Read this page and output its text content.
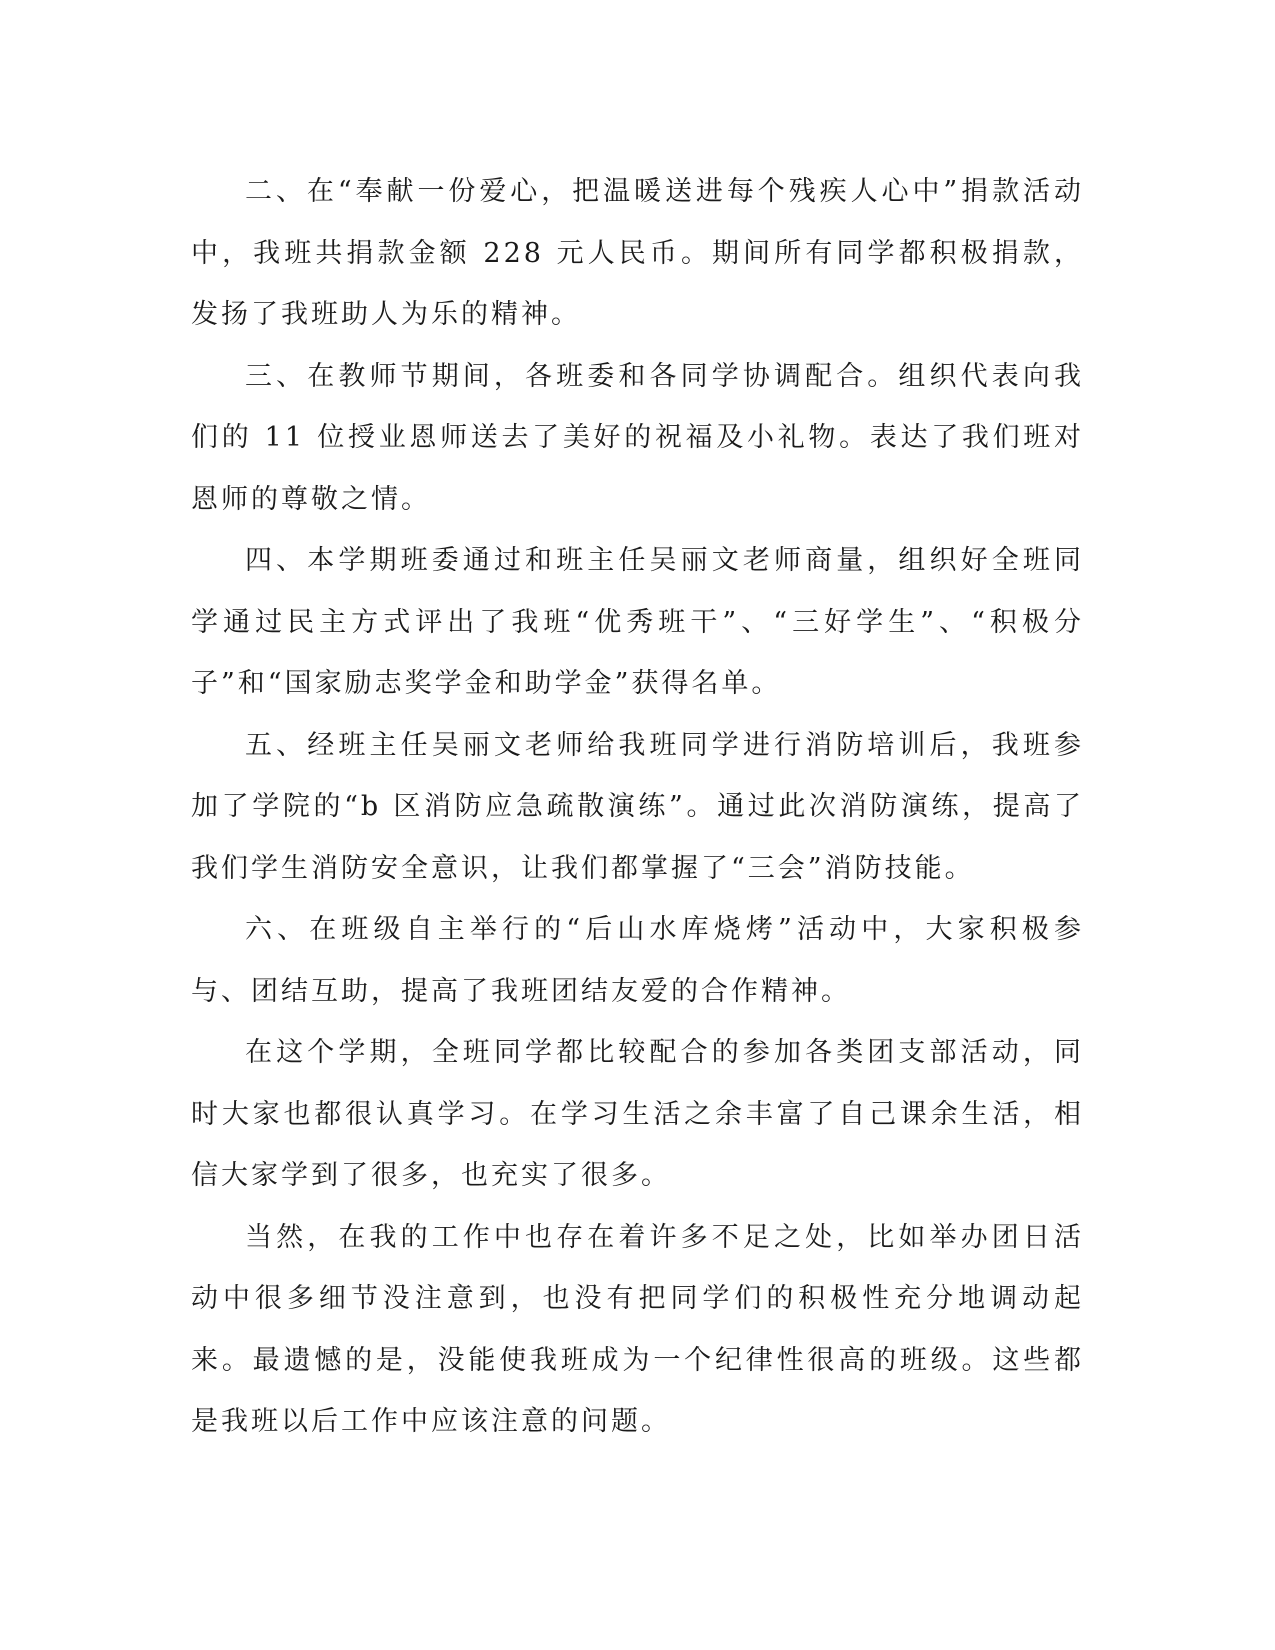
二、在“奉献一份爱心，把温暖送进每个残疾人心中”捐款活动中，我班共捐款金额 228 元人民币。期间所有同学都积极捐款，发扬了我班助人为乐的精神。

三、在教师节期间，各班委和各同学协调配合。组织代表向我们的 11 位授业恩师送去了美好的祝福及小礼物。表达了我们班对恩师的尊敬之情。

四、本学期班委通过和班主任吴丽文老师商量，组织好全班同学通过民主方式评出了我班“优秀班干”、“三好学生”、“积极分子”和“国家励志奖学金和助学金”获得名单。

五、经班主任吴丽文老师给我班同学进行消防培训后，我班参加了学院的“b 区消防应急疏散演练”。通过此次消防演练，提高了我们学生消防安全意识，让我们都掌握了“三会”消防技能。

六、在班级自主举行的“后山水库烧烤”活动中，大家积极参与、团结互助，提高了我班团结友爱的合作精神。

在这个学期，全班同学都比较配合的参加各类团支部活动，同时大家也都很认真学习。在学习生活之余丰富了自己课余生活，相信大家学到了很多，也充实了很多。

当然，在我的工作中也存在着许多不足之处，比如举办团日活动中很多细节没注意到，也没有把同学们的积极性充分地调动起来。最遗憾的是，没能使我班成为一个纪律性很高的班级。这些都是我班以后工作中应该注意的问题。
